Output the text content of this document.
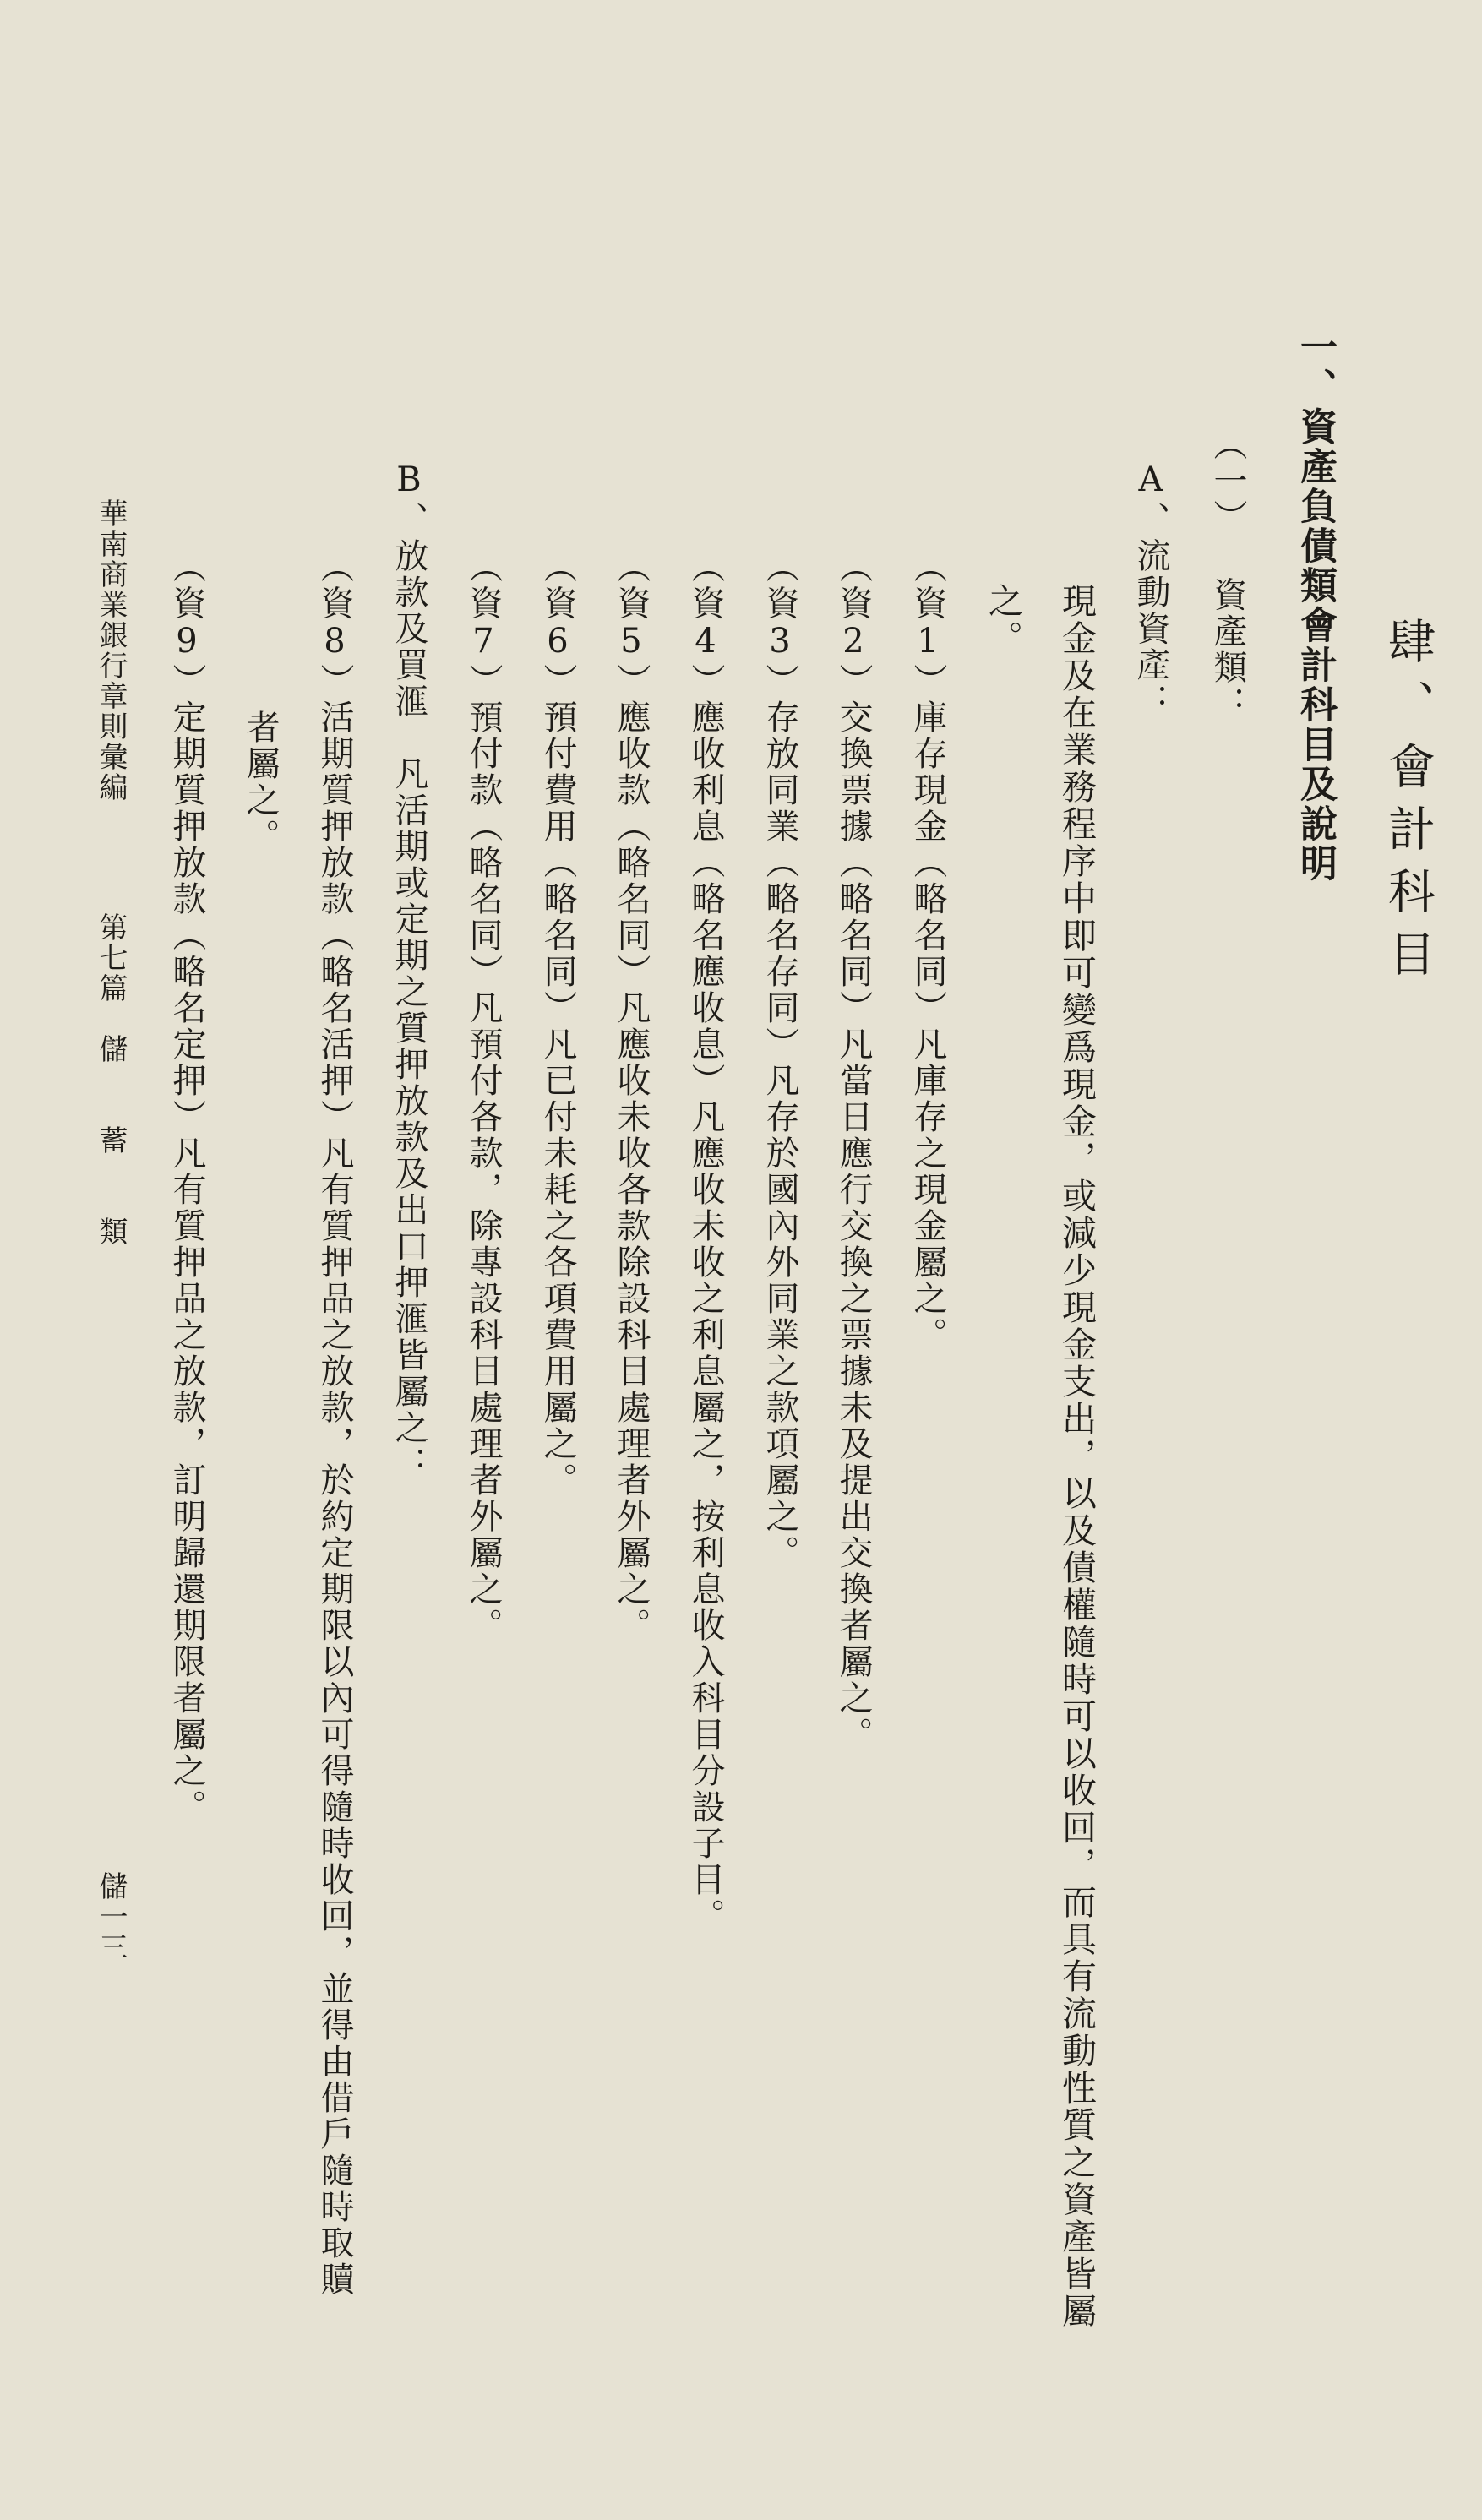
肆、會計科目
一、資產負債類會計科目及說明
（一） 資產類：
A、流動資產：
現金及在業務程序中即可變爲現金，或減少現金支出，以及債權隨時可以收回，而具有流動性質之資產皆屬
之。
（資1）庫存現金（略名同）凡庫存之現金屬之。
（資2）交換票據（略名同）凡當日應行交換之票據未及提出交換者屬之。
（資3）存放同業（略名存同）凡存於國內外同業之款項屬之。
（資4）應收利息（略名應收息）凡應收未收之利息屬之，按利息收入科目分設子目。
（資5）應收款（略名同）凡應收未收各款除設科目處理者外屬之。
（資6）預付費用（略名同）凡已付未耗之各項費用屬之。
（資7）預付款（略名同）凡預付各款，除專設科目處理者外屬之。
B、放款及買滙　凡活期或定期之質押放款及出口押滙皆屬之：
（資8）活期質押放款（略名活押）凡有質押品之放款，於約定期限以內可得隨時收回，並得由借戶隨時取贖
者屬之。
（資9）定期質押放款（略名定押）凡有質押品之放款，訂明歸還期限者屬之。
華南商業銀行章則彙編
第七篇　儲　　蓄　　類
儲一三
